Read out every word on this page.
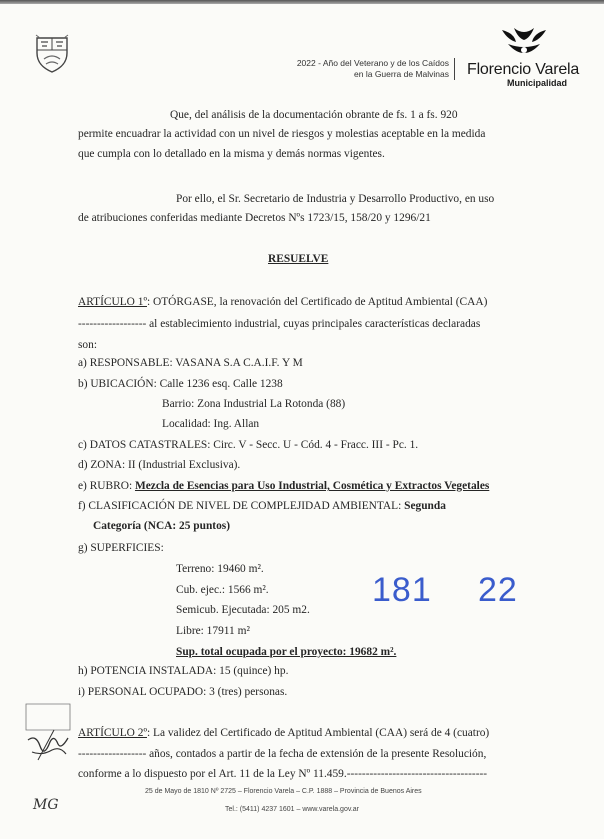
2022 - Año del Veterano y de los Caídos
en la Guerra de Malvinas Florencio Varela
Municipalidad
Que, del análisis de la documentación obrante de fs. 1 a fs. 920
permite encuadrar la actividad con un nivel de riesgos y molestias aceptable en la medida
que cumpla con lo detallado en la misma y demás normas vigentes.
Por ello, el Sr. Secretario de Industria y Desarrollo Productivo, en uso
de atribuciones conferidas mediante Decretos Nºs 1723/15, 158/20 y 1296/21
RESUELVE
ARTÍCULO 1º: OTÓRGASE, la renovación del Certificado de Aptitud Ambiental (CAA)
------------------ al establecimiento industrial, cuyas principales características declaradas
son:
a) RESPONSABLE: VASANA S.A C.A.I.F. Y M
b) UBICACIÓN: Calle 1236 esq. Calle 1238
Barrio: Zona Industrial La Rotonda (88)
Localidad: Ing. Allan
c) DATOS CATASTRALES: Circ. V - Secc. U - Cód. 4 - Fracc. III - Pc. 1.
d) ZONA: II (Industrial Exclusiva).
e) RUBRO: Mezcla de Esencias para Uso Industrial, Cosmética y Extractos Vegetales
f) CLASIFICACIÓN DE NIVEL DE COMPLEJIDAD AMBIENTAL: Segunda
Categoría (NCA: 25 puntos)
g) SUPERFICIES:
Terreno: 19460 m².
Cub. ejec.: 1566 m².
Semicub. Ejecutada: 205 m2.
Libre: 17911 m²
Sup. total ocupada por el proyecto: 19682 m².
h) POTENCIA INSTALADA: 15 (quince) hp.
i) PERSONAL OCUPADO: 3 (tres) personas.
181 22
ARTÍCULO 2º: La validez del Certificado de Aptitud Ambiental (CAA) será de 4 (cuatro)
------------------ años, contados a partir de la fecha de extensión de la presente Resolución,
conforme a lo dispuesto por el Art. 11 de la Ley Nº 11.459.-------------------------------------
MG
25 de Mayo de 1810 Nº 2725 – Florencio Varela – C.P. 1888 – Provincia de Buenos Aires
Tel.: (5411) 4237 1601 – www.varela.gov.ar
